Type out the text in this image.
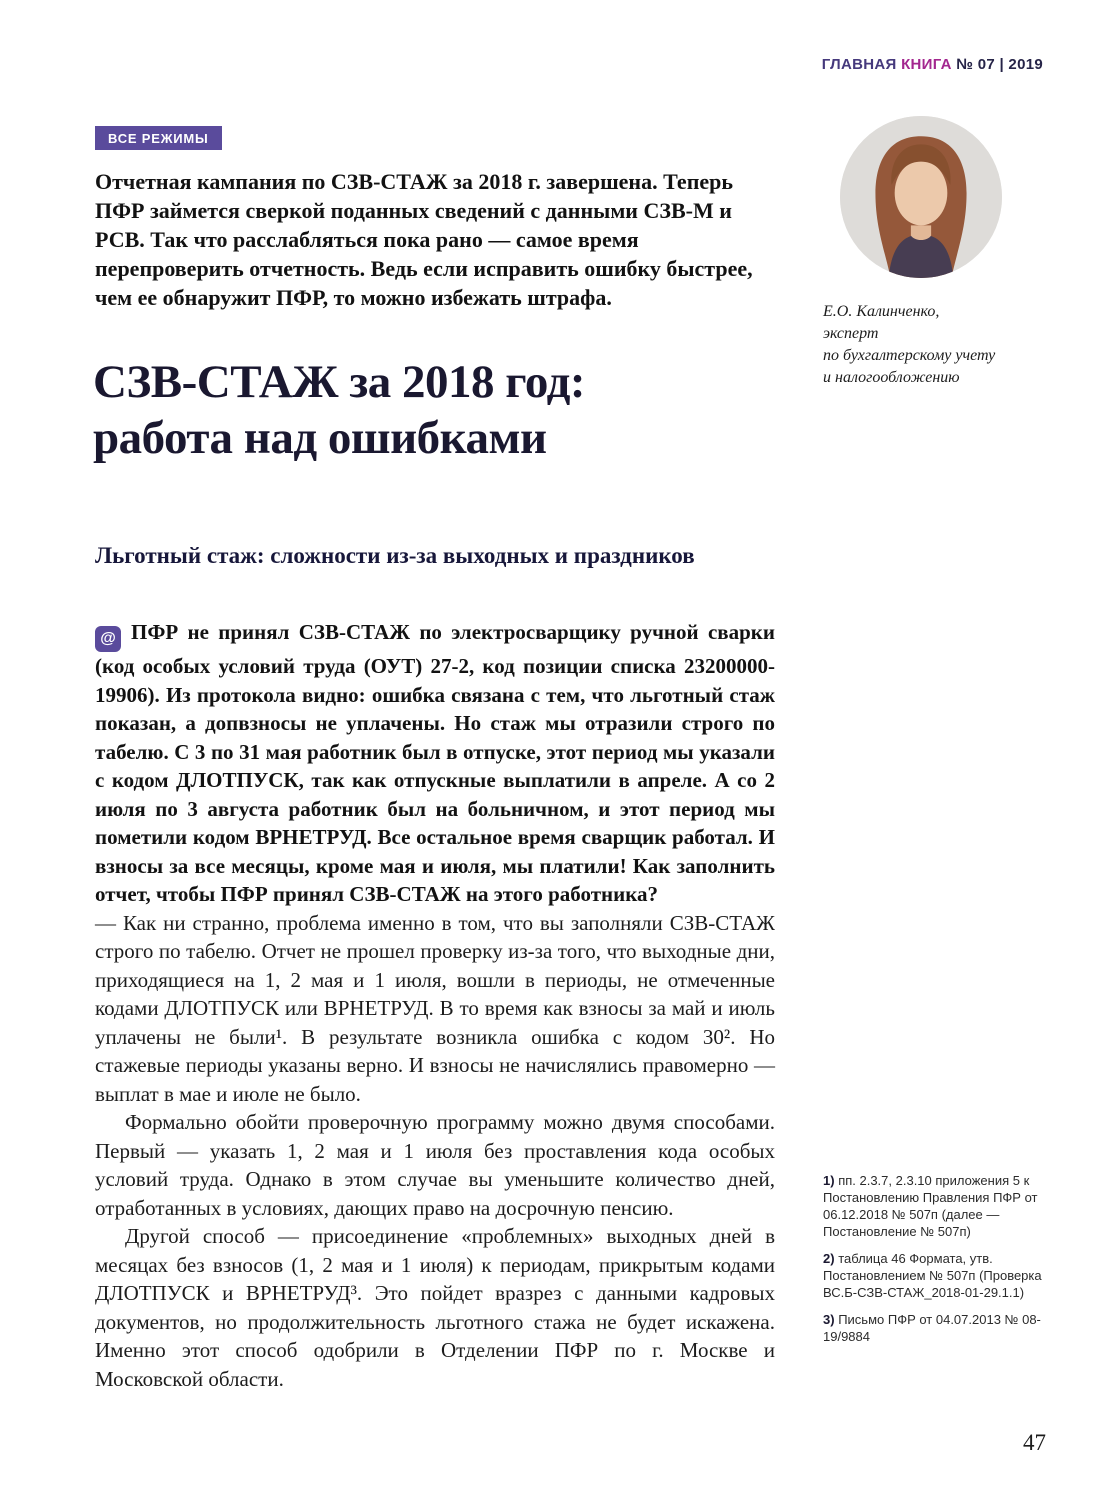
ГЛАВНАЯ КНИГА № 07 | 2019
ВСЕ РЕЖИМЫ

Отчетная кампания по СЗВ-СТАЖ за 2018 г. завершена. Теперь ПФР займется сверкой поданных сведений с данными СЗВ-М и РСВ. Так что расслабляться пока рано — самое время перепроверить отчетность. Ведь если исправить ошибку быстрее, чем ее обнаружит ПФР, то можно избежать штрафа.

Е.О. Калинченко,
эксперт
по бухгалтерскому учету
и налогообложению
СЗВ-СТАЖ за 2018 год:
работа над ошибками
Льготный стаж: сложности из-за выходных и праздников

@ ПФР не принял СЗВ-СТАЖ по электросварщику ручной сварки (код особых условий труда (ОУТ) 27-2, код позиции списка 23200000-19906). Из протокола видно: ошибка связана с тем, что льготный стаж показан, а допвзносы не уплачены. Но стаж мы отразили строго по табелю. С 3 по 31 мая работник был в отпуске, этот период мы указали с кодом ДЛОТПУСК, так как отпускные выплатили в апреле. А со 2 июля по 3 августа работник был на больничном, и этот период мы пометили кодом ВРНЕТРУД. Все остальное время сварщик работал. И взносы за все месяцы, кроме мая и июля, мы платили! Как заполнить отчет, чтобы ПФР принял СЗВ-СТАЖ на этого работника?

— Как ни странно, проблема именно в том, что вы заполняли СЗВ-СТАЖ строго по табелю. Отчет не прошел проверку из-за того, что выходные дни, приходящиеся на 1, 2 мая и 1 июля, вошли в периоды, не отмеченные кодами ДЛОТПУСК или ВРНЕТРУД. В то время как взносы за май и июль уплачены не были¹. В результате возникла ошибка с кодом 30². Но стажевые периоды указаны верно. И взносы не начислялись правомерно — выплат в мае и июле не было.

Формально обойти проверочную программу можно двумя способами. Первый — указать 1, 2 мая и 1 июля без проставления кода особых условий труда. Однако в этом случае вы уменьшите количество дней, отработанных в условиях, дающих право на досрочную пенсию.

Другой способ — присоединение «проблемных» выходных дней в месяцах без взносов (1, 2 мая и 1 июля) к периодам, прикрытым кодами ДЛОТПУСК и ВРНЕТРУД³. Это пойдет вразрез с данными кадровых документов, но продолжительность льготного стажа не будет искажена. Именно этот способ одобрили в Отделении ПФР по г. Москве и Московской области.

1) пп. 2.3.7, 2.3.10 приложения 5 к Постановлению Правления ПФР от 06.12.2018 № 507п (далее — Постановление № 507п)
2) таблица 46 Формата, утв. Постановлением № 507п (Проверка ВС.Б-СЗВ-СТАЖ_2018-01-29.1.1)
3) Письмо ПФР от 04.07.2013 № 08-19/9884
47
